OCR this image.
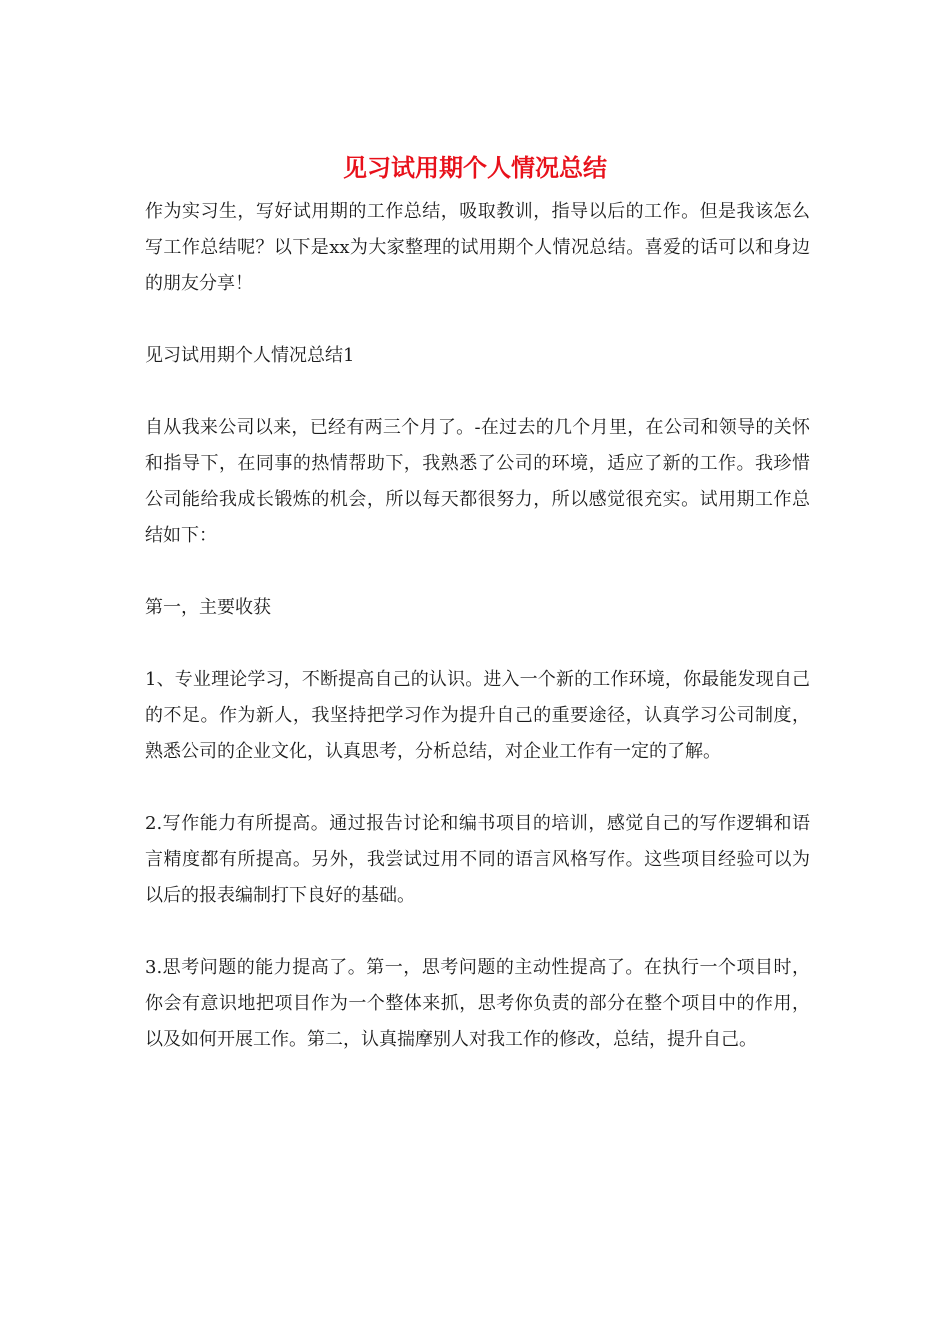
见习试用期个人情况总结

作为实习生，写好试用期的工作总结，吸取教训，指导以后的工作。但是我该怎么写工作总结呢？以下是xx为大家整理的试用期个人情况总结。喜爱的话可以和身边的朋友分享！

见习试用期个人情况总结1

自从我来公司以来，已经有两三个月了。-在过去的几个月里，在公司和领导的关怀和指导下，在同事的热情帮助下，我熟悉了公司的环境，适应了新的工作。我珍惜公司能给我成长锻炼的机会，所以每天都很努力，所以感觉很充实。试用期工作总结如下：

第一，主要收获

1、专业理论学习，不断提高自己的认识。进入一个新的工作环境，你最能发现自己的不足。作为新人，我坚持把学习作为提升自己的重要途径，认真学习公司制度，熟悉公司的企业文化，认真思考，分析总结，对企业工作有一定的了解。

2.写作能力有所提高。通过报告讨论和编书项目的培训，感觉自己的写作逻辑和语言精度都有所提高。另外，我尝试过用不同的语言风格写作。这些项目经验可以为以后的报表编制打下良好的基础。

3.思考问题的能力提高了。第一，思考问题的主动性提高了。在执行一个项目时，你会有意识地把项目作为一个整体来抓，思考你负责的部分在整个项目中的作用，以及如何开展工作。第二，认真揣摩别人对我工作的修改，总结，提升自己。
